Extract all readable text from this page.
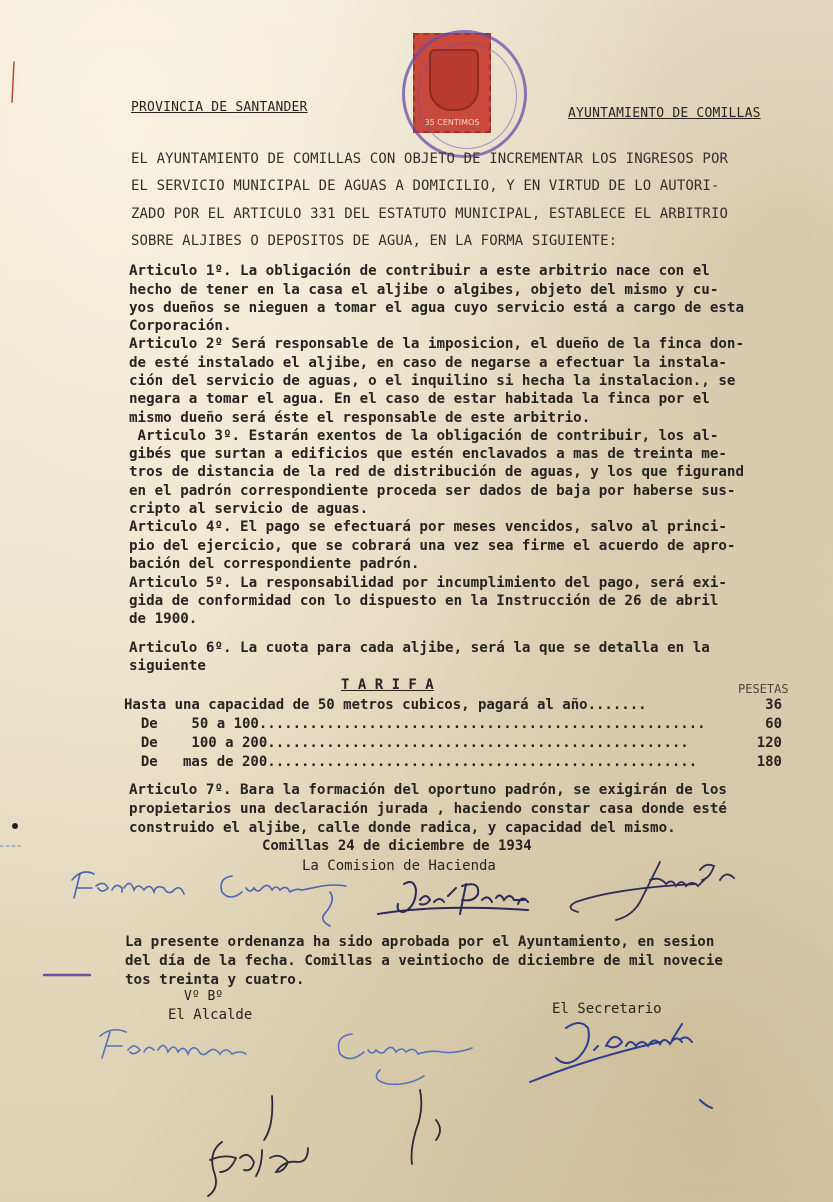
PROVINCIA DE SANTANDER	AYUNTAMIENTO DE COMILLAS
35 CENTIMOS
EL AYUNTAMIENTO DE COMILLAS CON OBJETO DE INCREMENTAR LOS INGRESOS POR
EL SERVICIO MUNICIPAL DE AGUAS A DOMICILIO, Y EN VIRTUD DE LO AUTORI-
ZADO POR EL ARTICULO 331 DEL ESTATUTO MUNICIPAL, ESTABLECE EL ARBITRIO
SOBRE ALJIBES O DEPOSITOS DE AGUA, EN LA FORMA SIGUIENTE:
Articulo 1º. La obligación de contribuir a este arbitrio nace con el
hecho de tener en la casa el aljibe o algibes, objeto del mismo y cu-
yos dueños se nieguen a tomar el agua cuyo servicio está a cargo de esta
Corporación.
Articulo 2º Será responsable de la imposicion, el dueño de la finca don-
de esté instalado el aljibe, en caso de negarse a efectuar la instala-
ción del servicio de aguas, o el inquilino si hecha la instalacion., se
negara a tomar el agua. En el caso de estar habitada la finca por el
mismo dueño será éste el responsable de este arbitrio.
Articulo 3º. Estarán exentos de la obligación de contribuir, los al-
gibés que surtan a edificios que estén enclavados a mas de treinta me-
tros de distancia de la red de distribución de aguas, y los que figurand
en el padrón correspondiente proceda ser dados de baja por haberse sus-
cripto al servicio de aguas.
Articulo 4º. El pago se efectuará por meses vencidos, salvo al princi-
pio del ejercicio, que se cobrará una vez sea firme el acuerdo de apro-
bación del correspondiente padrón.
Articulo 5º. La responsabilidad por incumplimiento del pago, será exi-
gida de conformidad con lo dispuesto en la Instrucción de 26 de abril
de 1900.
Articulo 6º. La cuota para cada aljibe, será la que se detalla en la
siguiente
T A R I F A	PESETAS
Hasta una capacidad de 50 metros cubicos, pagará al año.......	36
De    50 a 100.....................................................	60
De    100 a 200..................................................	120
De   mas de 200...................................................	180
Articulo 7º. Bara la formación del oportuno padrón, se exigirán de los
propietarios una declaración jurada , haciendo constar casa donde esté
construido el aljibe, calle donde radica, y capacidad del mismo.
Comillas 24 de diciembre de 1934
La Comision de Hacienda
La presente ordenanza ha sido aprobada por el Ayuntamiento, en sesion
del día de la fecha. Comillas a veintiocho de diciembre de mil novecie
tos treinta y cuatro.
Vº Bº
El Alcalde	El Secretario
